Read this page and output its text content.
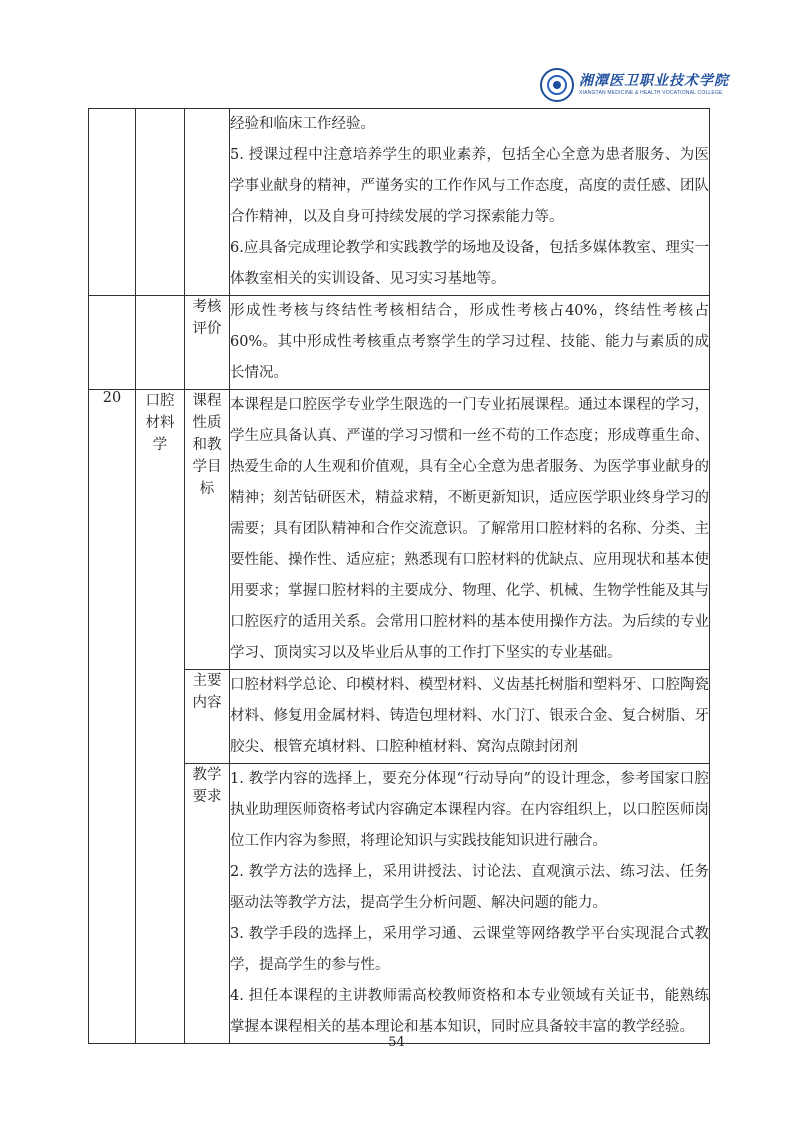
湘潭医卫职业技术学院
XIANGTAN MEDICINE & HEALTH VOCATIONAL COLLEGE

			经验和临床工作经验。

5. 授课过程中注意培养学生的职业素养，包括全心全意为患者服务、为医学事业献身的精神，严谨务实的工作作风与工作态度，高度的责任感、团队合作精神，以及自身可持续发展的学习探索能力等。

6.应具备完成理论教学和实践教学的场地及设备，包括多媒体教室、理实一体教室相关的实训设备、见习实习基地等。

		考核评价	形成性考核与终结性考核相结合，形成性考核占40%，终结性考核占60%。其中形成性考核重点考察学生的学习过程、技能、能力与素质的成长情况。
20	口腔材料学	课程性质和教学目标	本课程是口腔医学专业学生限选的一门专业拓展课程。通过本课程的学习，学生应具备认真、严谨的学习习惯和一丝不苟的工作态度；形成尊重生命、热爱生命的人生观和价值观，具有全心全意为患者服务、为医学事业献身的精神；刻苦钻研医术，精益求精，不断更新知识，适应医学职业终身学习的需要；具有团队精神和合作交流意识。了解常用口腔材料的名称、分类、主要性能、操作性、适应症；熟悉现有口腔材料的优缺点、应用现状和基本使用要求；掌握口腔材料的主要成分、物理、化学、机械、生物学性能及其与口腔医疗的适用关系。会常用口腔材料的基本使用操作方法。为后续的专业学习、顶岗实习以及毕业后从事的工作打下坚实的专业基础。
		主要内容	口腔材料学总论、印模材料、模型材料、义齿基托树脂和塑料牙、口腔陶瓷材料、修复用金属材料、铸造包埋材料、水门汀、银汞合金、复合树脂、牙胶尖、根管充填材料、口腔种植材料、窝沟点隙封闭剂
		教学要求	1. 教学内容的选择上，要充分体现“行动导向”的设计理念，参考国家口腔执业助理医师资格考试内容确定本课程内容。在内容组织上，以口腔医师岗位工作内容为参照，将理论知识与实践技能知识进行融合。

2. 教学方法的选择上，采用讲授法、讨论法、直观演示法、练习法、任务驱动法等教学方法，提高学生分析问题、解决问题的能力。

3. 教学手段的选择上，采用学习通、云课堂等网络教学平台实现混合式教学，提高学生的参与性。

4. 担任本课程的主讲教师需高校教师资格和本专业领域有关证书，能熟练掌握本课程相关的基本理论和基本知识，同时应具备较丰富的教学经验。

54
